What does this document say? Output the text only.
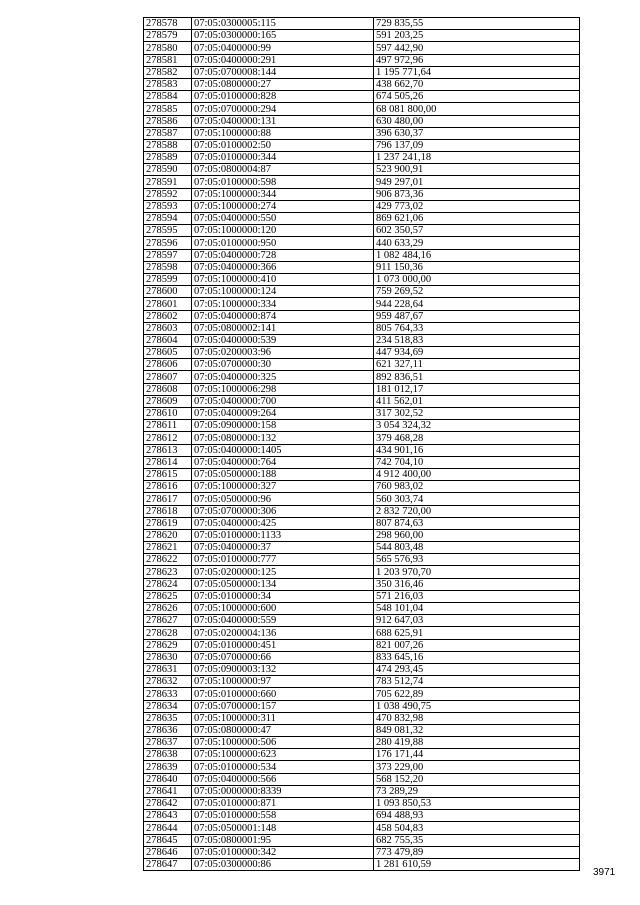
278578	07:05:0300005:115	729 835,55
278579	07:05:0300000:165	591 203,25
278580	07:05:0400000:99	597 442,90
278581	07:05:0400000:291	497 972,96
278582	07:05:0700008:144	1 195 771,64
278583	07:05:0800000:27	438 662,70
278584	07:05:0100000:828	674 505,26
278585	07:05:0700000:294	68 081 800,00
278586	07:05:0400000:131	630 480,00
278587	07:05:1000000:88	396 630,37
278588	07:05:0100002:50	796 137,09
278589	07:05:0100000:344	1 237 241,18
278590	07:05:0800004:87	523 900,91
278591	07:05:0100000:598	949 297,01
278592	07:05:1000000:344	906 873,36
278593	07:05:1000000:274	429 773,02
278594	07:05:0400000:550	869 621,06
278595	07:05:1000000:120	602 350,57
278596	07:05:0100000:950	440 633,29
278597	07:05:0400000:728	1 082 484,16
278598	07:05:0400000:366	911 150,36
278599	07:05:1000000:410	1 073 000,00
278600	07:05:1000000:124	759 269,52
278601	07:05:1000000:334	944 228,64
278602	07:05:0400000:874	959 487,67
278603	07:05:0800002:141	805 764,33
278604	07:05:0400000:539	234 518,83
278605	07:05:0200003:96	447 934,69
278606	07:05:0700000:30	621 327,11
278607	07:05:0400000:325	892 836,51
278608	07:05:1000006:298	181 012,17
278609	07:05:0400000:700	411 562,01
278610	07:05:0400009:264	317 302,52
278611	07:05:0900000:158	3 054 324,32
278612	07:05:0800000:132	379 468,28
278613	07:05:0400000:1405	434 901,16
278614	07:05:0400000:764	742 704,10
278615	07:05:0500000:188	4 912 400,00
278616	07:05:1000000:327	760 983,02
278617	07:05:0500000:96	560 303,74
278618	07:05:0700000:306	2 832 720,00
278619	07:05:0400000:425	807 874,63
278620	07:05:0100000:1133	298 960,00
278621	07:05:0400000:37	544 803,48
278622	07:05:0100000:777	565 576,93
278623	07:05:0200000:125	1 203 970,70
278624	07:05:0500000:134	350 316,46
278625	07:05:0100000:34	571 216,03
278626	07:05:1000000:600	548 101,04
278627	07:05:0400000:559	912 647,03
278628	07:05:0200004:136	688 625,91
278629	07:05:0100000:451	821 007,26
278630	07:05:0700000:66	833 645,16
278631	07:05:0900003:132	474 293,45
278632	07:05:1000000:97	783 512,74
278633	07:05:0100000:660	705 622,89
278634	07:05:0700000:157	1 038 490,75
278635	07:05:1000000:311	470 832,98
278636	07:05:0800000:47	849 081,32
278637	07:05:1000000:506	280 419,88
278638	07:05:1000000:623	176 171,44
278639	07:05:0100000:534	373 229,00
278640	07:05:0400000:566	568 152,20
278641	07:05:0000000:8339	73 289,29
278642	07:05:0100000:871	1 093 850,53
278643	07:05:0100000:558	694 488,93
278644	07:05:0500001:148	458 504,83
278645	07:05:0800001:95	682 755,35
278646	07:05:0100000:342	773 479,89
278647	07:05:0300000:86	1 281 610,59
3971
